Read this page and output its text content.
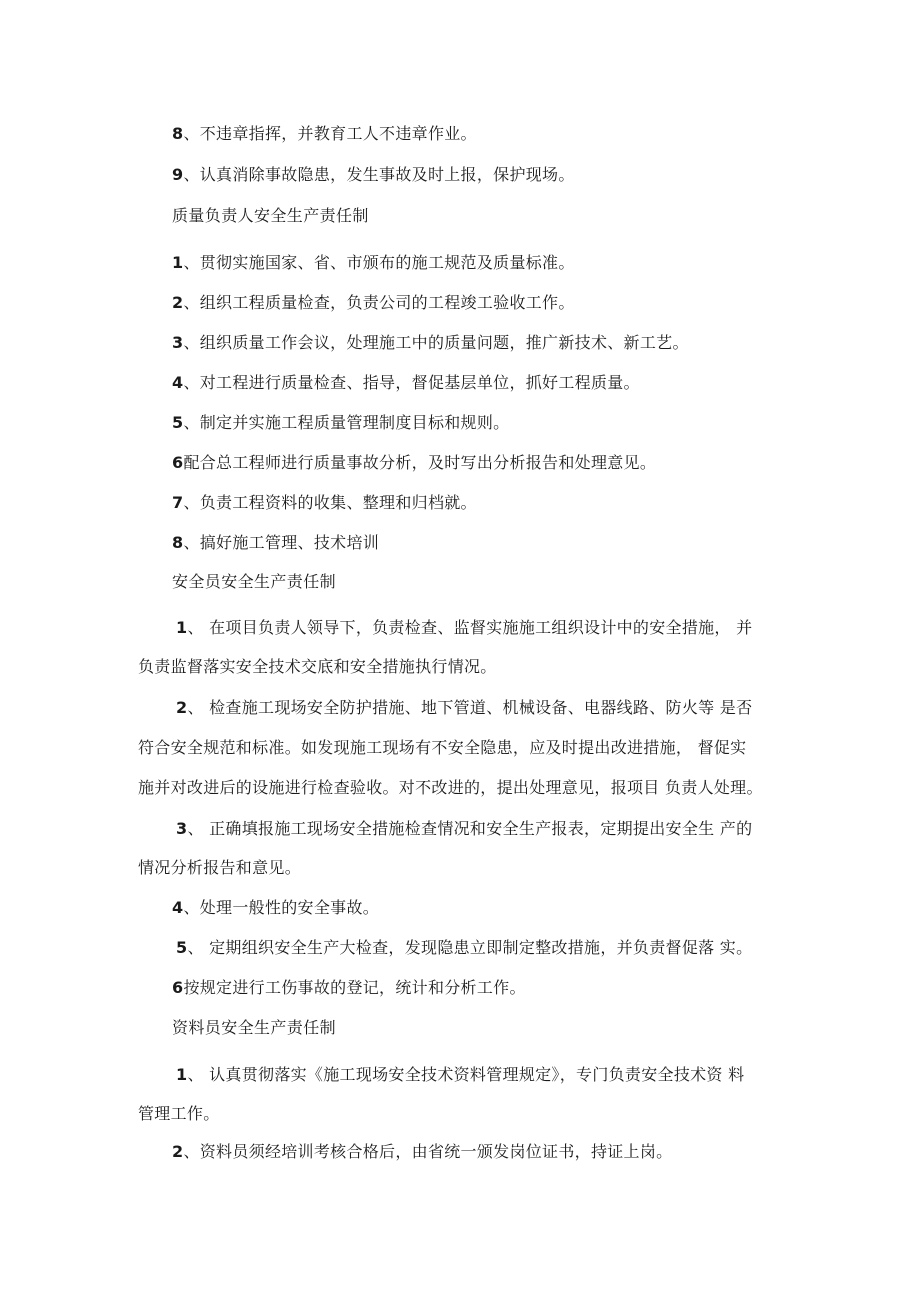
8、不违章指挥，并教育工人不违章作业。
9、认真消除事故隐患，发生事故及时上报，保护现场。
质量负责人安全生产责任制
1、贯彻实施国家、省、市颁布的施工规范及质量标准。
2、组织工程质量检查，负责公司的工程竣工验收工作。
3、组织质量工作会议，处理施工中的质量问题，推广新技术、新工艺。
4、对工程进行质量检查、指导，督促基层单位，抓好工程质量。
5、制定并实施工程质量管理制度目标和规则。
6配合总工程师进行质量事故分析，及时写出分析报告和处理意见。
7、负责工程资料的收集、整理和归档就。
8、搞好施工管理、技术培训
安全员安全生产责任制
1、 在项目负责人领导下，负责检查、监督实施施工组织设计中的安全措施， 并
负责监督落实安全技术交底和安全措施执行情况。
2、 检查施工现场安全防护措施、地下管道、机械设备、电器线路、防火等 是否
符合安全规范和标准。如发现施工现场有不安全隐患，应及时提出改进措施， 督促实
施并对改进后的设施进行检查验收。对不改进的，提出处理意见，报项目 负责人处理。
3、 正确填报施工现场安全措施检查情况和安全生产报表，定期提出安全生 产的
情况分析报告和意见。
4、处理一般性的安全事故。
5、 定期组织安全生产大检查，发现隐患立即制定整改措施，并负责督促落 实。
6按规定进行工伤事故的登记，统计和分析工作。
资料员安全生产责任制
1、 认真贯彻落实《施工现场安全技术资料管理规定》，专门负责安全技术资 料
管理工作。
2、资料员须经培训考核合格后，由省统一颁发岗位证书，持证上岗。
